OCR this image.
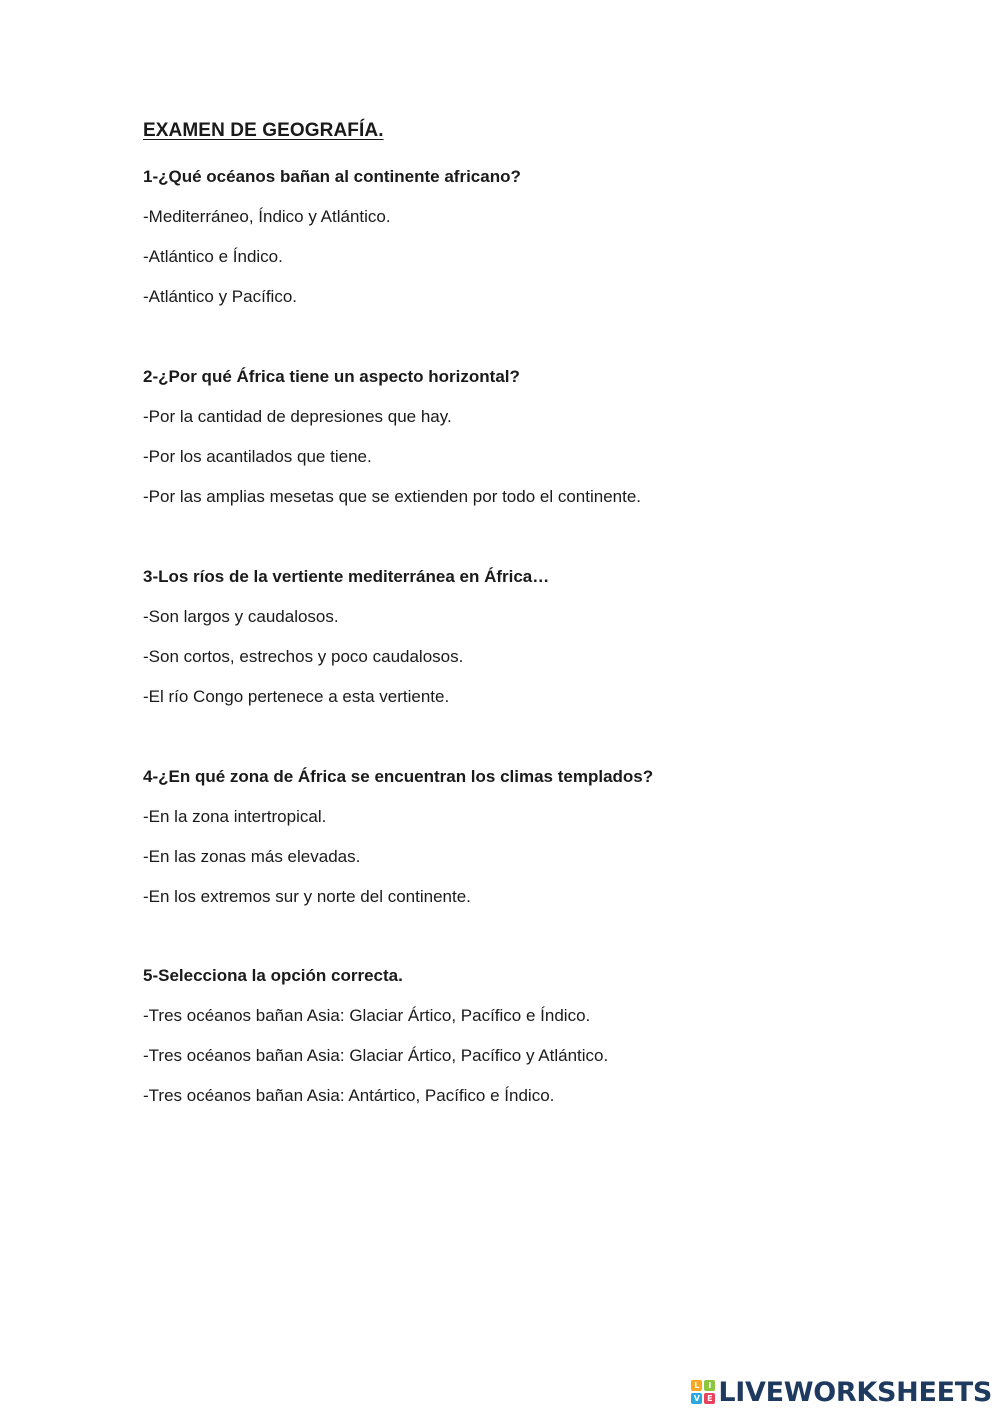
EXAMEN DE GEOGRAFÍA.

1-¿Qué océanos bañan al continente africano?

-Mediterráneo, Índico y Atlántico.

-Atlántico e Índico.

-Atlántico y Pacífico.

2-¿Por qué África tiene un aspecto horizontal?

-Por la cantidad de depresiones que hay.

-Por los acantilados que tiene.

-Por las amplias mesetas que se extienden por todo el continente.

3-Los ríos de la vertiente mediterránea en África…

-Son largos y caudalosos.

-Son cortos, estrechos y poco caudalosos.

-El río Congo pertenece a esta vertiente.

4-¿En qué zona de África se encuentran los climas templados?

-En la zona intertropical.

-En las zonas más elevadas.

-En los extremos sur y norte del continente.

5-Selecciona la opción correcta.

-Tres océanos bañan Asia: Glaciar Ártico, Pacífico e Índico.

-Tres océanos bañan Asia: Glaciar Ártico, Pacífico y Atlántico.

-Tres océanos bañan Asia: Antártico, Pacífico e Índico.

L	I
V E LIVEWORKSHEETS
